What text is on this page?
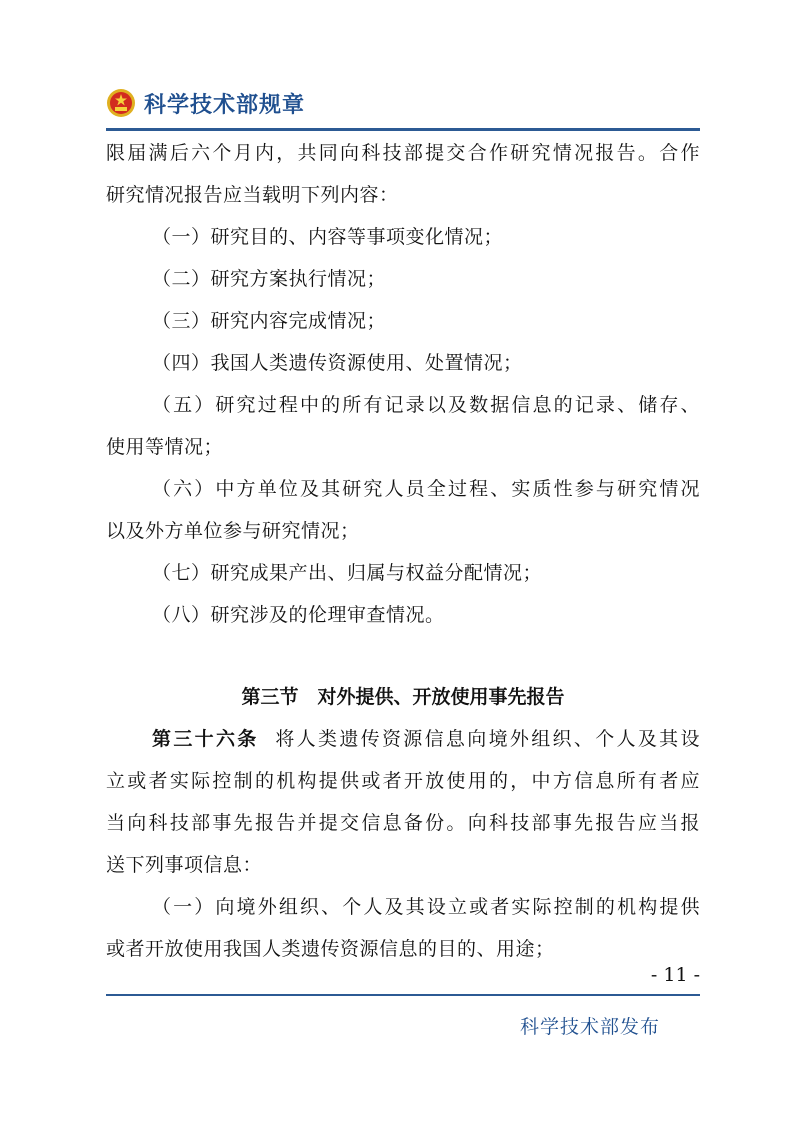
科学技术部规章

限届满后六个月内，共同向科技部提交合作研究情况报告。合作

研究情况报告应当载明下列内容：

（一）研究目的、内容等事项变化情况；

（二）研究方案执行情况；

（三）研究内容完成情况；

（四）我国人类遗传资源使用、处置情况；

（五）研究过程中的所有记录以及数据信息的记录、储存、

使用等情况；

（六）中方单位及其研究人员全过程、实质性参与研究情况

以及外方单位参与研究情况；

（七）研究成果产出、归属与权益分配情况；

（八）研究涉及的伦理审查情况。

第三节　对外提供、开放使用事先报告

第三十六条 将人类遗传资源信息向境外组织、个人及其设

立或者实际控制的机构提供或者开放使用的，中方信息所有者应

当向科技部事先报告并提交信息备份。向科技部事先报告应当报

送下列事项信息：

（一）向境外组织、个人及其设立或者实际控制的机构提供

或者开放使用我国人类遗传资源信息的目的、用途；

- 11 -
科学技术部发布
